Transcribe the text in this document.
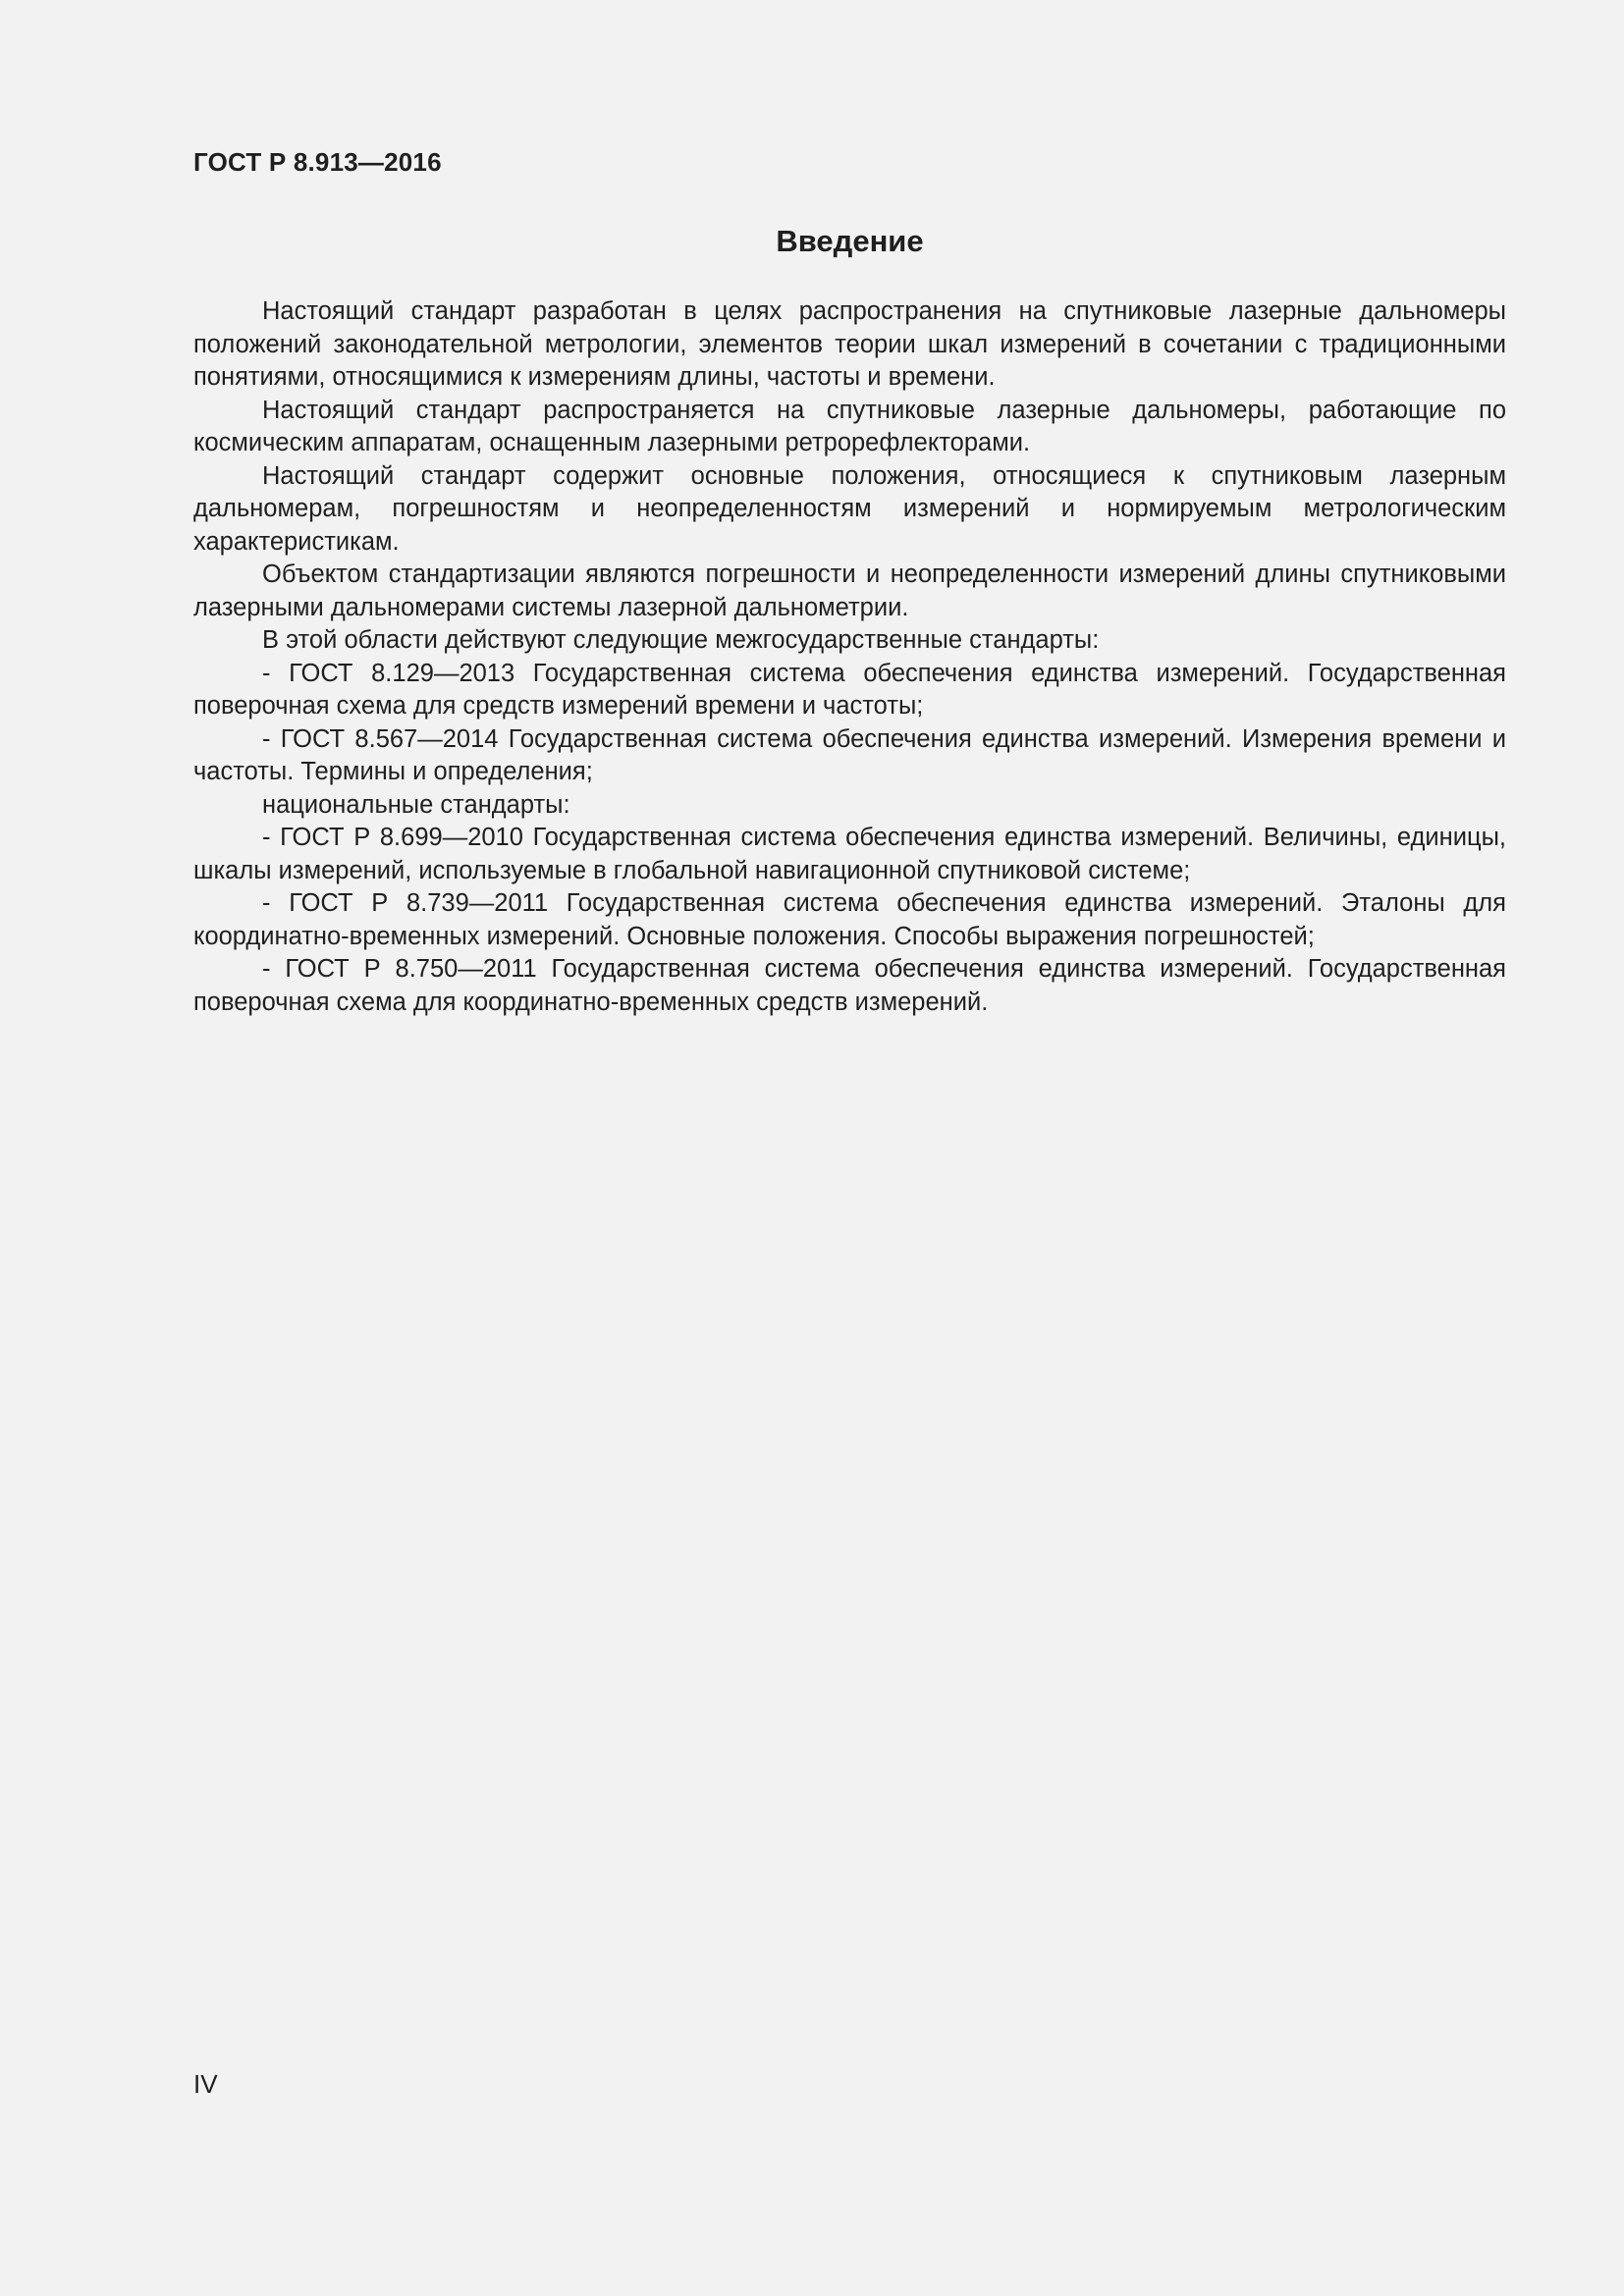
ГОСТ Р 8.913—2016

Введение

Настоящий стандарт разработан в целях распространения на спутниковые лазерные дальномеры положений законодательной метрологии, элементов теории шкал измерений в сочетании с традиционными понятиями, относящимися к измерениям длины, частоты и времени.

Настоящий стандарт распространяется на спутниковые лазерные дальномеры, работающие по космическим аппаратам, оснащенным лазерными ретрорефлекторами.

Настоящий стандарт содержит основные положения, относящиеся к спутниковым лазерным дальномерам, погрешностям и неопределенностям измерений и нормируемым метрологическим характеристикам.

Объектом стандартизации являются погрешности и неопределенности измерений длины спутниковыми лазерными дальномерами системы лазерной дальнометрии.

В этой области действуют следующие межгосударственные стандарты:

- ГОСТ 8.129—2013 Государственная система обеспечения единства измерений. Государственная поверочная схема для средств измерений времени и частоты;

- ГОСТ 8.567—2014 Государственная система обеспечения единства измерений. Измерения времени и частоты. Термины и определения;

национальные стандарты:

- ГОСТ Р 8.699—2010 Государственная система обеспечения единства измерений. Величины, единицы, шкалы измерений, используемые в глобальной навигационной спутниковой системе;

- ГОСТ Р 8.739—2011 Государственная система обеспечения единства измерений. Эталоны для координатно-временных измерений. Основные положения. Способы выражения погрешностей;

- ГОСТ Р 8.750—2011 Государственная система обеспечения единства измерений. Государственная поверочная схема для координатно-временных средств измерений.

IV
